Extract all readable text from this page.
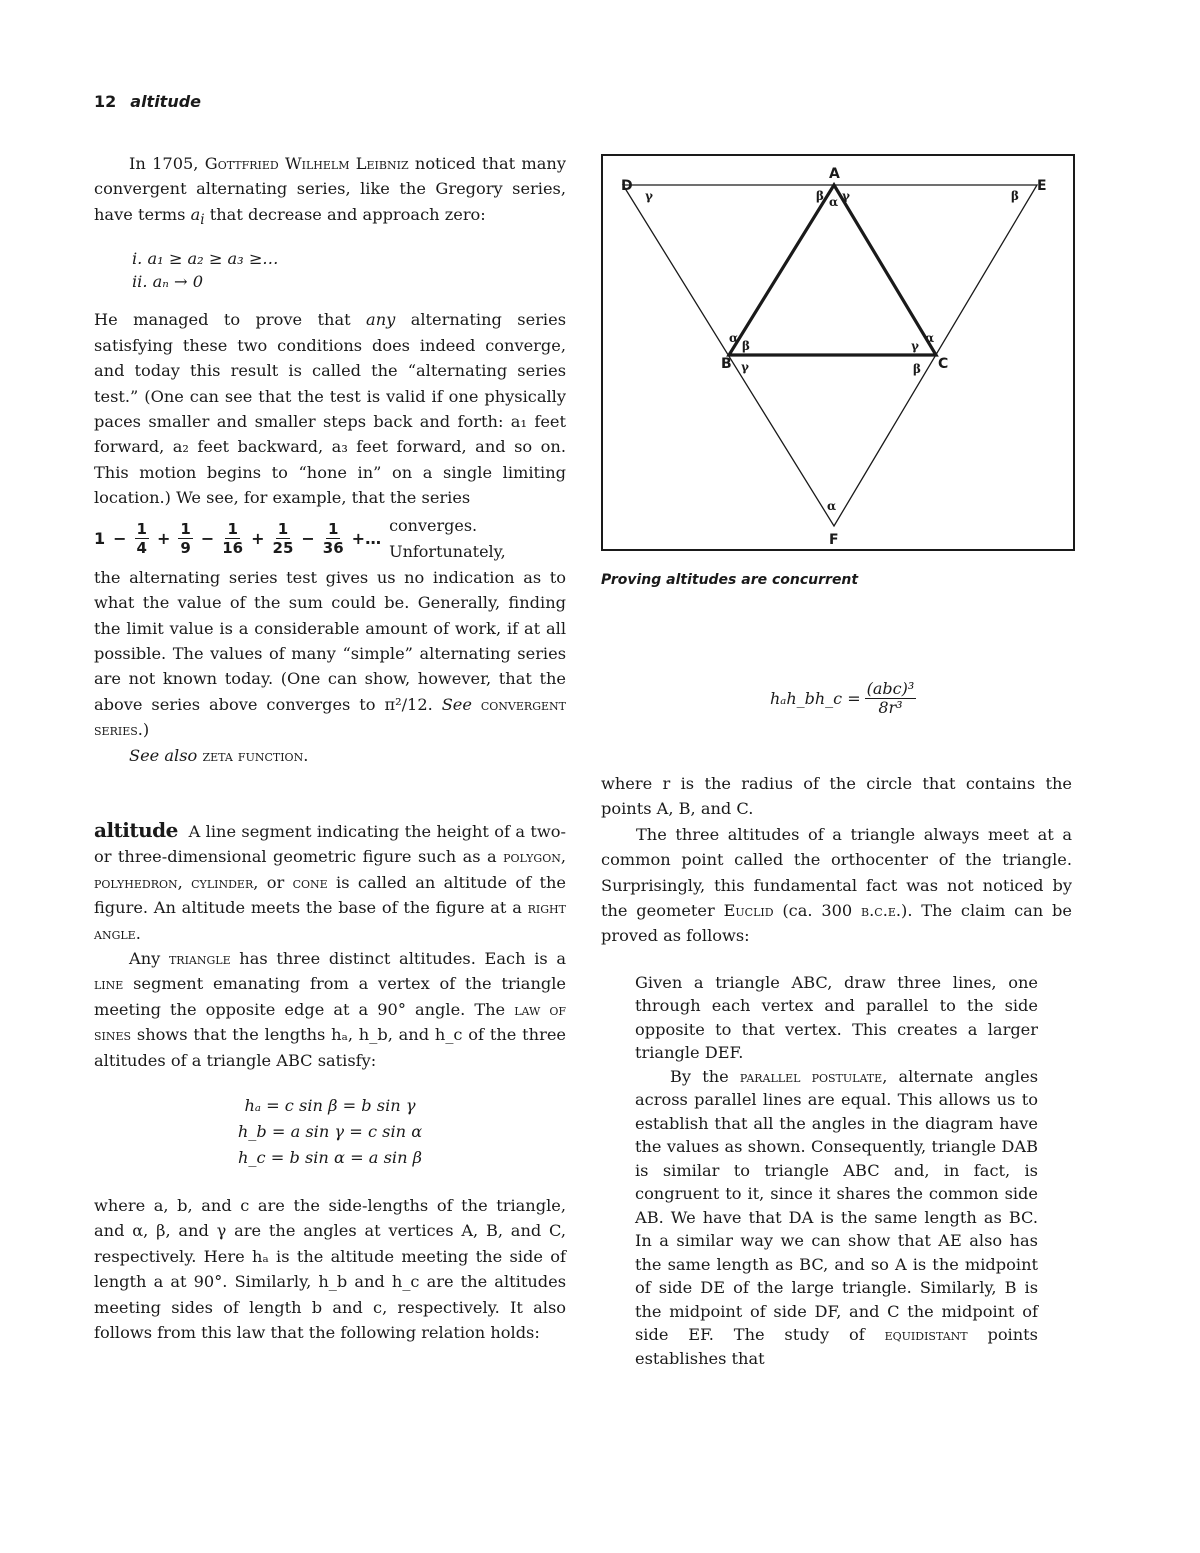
12 altitude

In 1705, Gottfried Wilhelm Leibniz noticed that many convergent alternating series, like the Gregory series, have terms $a_i$ that decrease and approach zero:

i. a₁ ≥ a₂ ≥ a₃ ≥…
ii. aₙ → 0

He managed to prove that any alternating series satisfying these two conditions does indeed converge, and today this result is called the “alternating series test.” (One can see that the test is valid if one physically paces smaller and smaller steps back and forth: a₁ feet forward, a₂ feet backward, a₃ feet forward, and so on. This motion begins to “hone in” on a single limiting location.) We see, for example, that the series

$1 - \frac{1}{4} + \frac{1}{9} - \frac{1}{16} + \frac{1}{25} - \frac{1}{36}$ +…
converges. Unfortunately,

the alternating series test gives us no indication as to what the value of the sum could be. Generally, finding the limit value is a considerable amount of work, if at all possible. The values of many “simple” alternating series are not known today. (One can show, however, that the above series above converges to π²/12. See convergent series.)

See also zeta function.

altitude A line segment indicating the height of a two- or three-dimensional geometric figure such as a polygon, polyhedron, cylinder, or cone is called an altitude of the figure. An altitude meets the base of the figure at a right angle.

Any triangle has three distinct altitudes. Each is a line segment emanating from a vertex of the triangle meeting the opposite edge at a 90° angle. The law of sines shows that the lengths hₐ, h_b, and h_c of the three altitudes of a triangle ABC satisfy:

hₐ = c sin β = b sin γ
h_b = a sin γ = c sin α
h_c = b sin α = a sin β

where a, b, and c are the side-lengths of the triangle, and α, β, and γ are the angles at vertices A, B, and C, respectively. Here hₐ is the altitude meeting the side of length a at 90°. Similarly, h_b and h_c are the altitudes meeting sides of length b and c, respectively. It also follows from this law that the following relation holds:

D	E
A
B	C
F
γ	β α γ	β
α
β
γ
γ
α
β
α
Proving altitudes are concurrent
hₐh_bh_c = $\frac{\text{(abc)³}}{\text{8r³}}$

where r is the radius of the circle that contains the points A, B, and C.

The three altitudes of a triangle always meet at a common point called the orthocenter of the triangle. Surprisingly, this fundamental fact was not noticed by the geometer Euclid (ca. 300 b.c.e.). The claim can be proved as follows:

Given a triangle ABC, draw three lines, one through each vertex and parallel to the side opposite to that vertex. This creates a larger triangle DEF.

By the parallel postulate, alternate angles across parallel lines are equal. This allows us to establish that all the angles in the diagram have the values as shown. Consequently, triangle DAB is similar to triangle ABC and, in fact, is congruent to it, since it shares the common side AB. We have that DA is the same length as BC. In a similar way we can show that AE also has the same length as BC, and so A is the midpoint of side DE of the large triangle. Similarly, B is the midpoint of side DF, and C the midpoint of side EF. The study of equidistant points establishes that
